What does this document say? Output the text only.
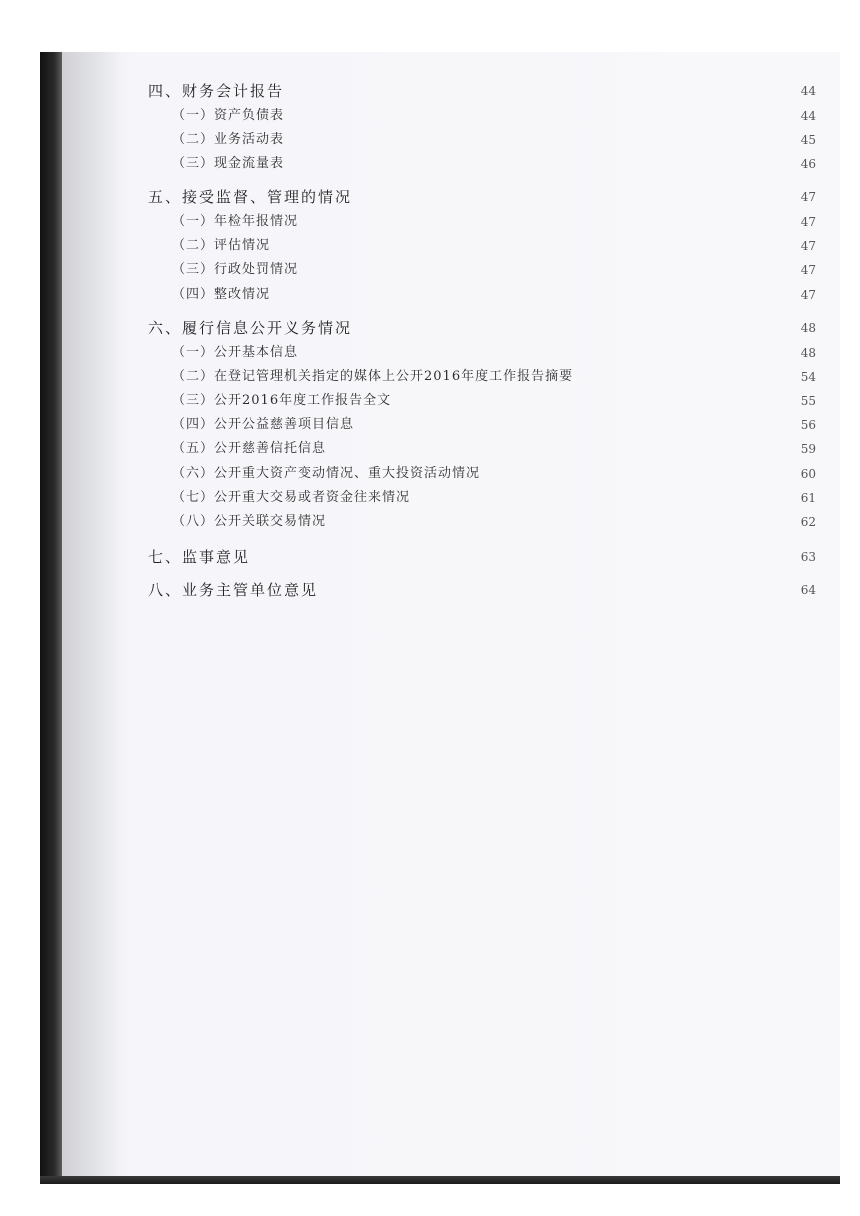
四、财务会计报告	44
（一）资产负债表	44
（二）业务活动表	45
（三）现金流量表	46
五、接受监督、管理的情况	47
（一）年检年报情况	47
（二）评估情况	47
（三）行政处罚情况	47
（四）整改情况	47
六、履行信息公开义务情况	48
（一）公开基本信息	48
（二）在登记管理机关指定的媒体上公开2016年度工作报告摘要	54
（三）公开2016年度工作报告全文	55
（四）公开公益慈善项目信息	56
（五）公开慈善信托信息	59
（六）公开重大资产变动情况、重大投资活动情况	60
（七）公开重大交易或者资金往来情况	61
（八）公开关联交易情况	62
七、监事意见	63
八、业务主管单位意见	64
